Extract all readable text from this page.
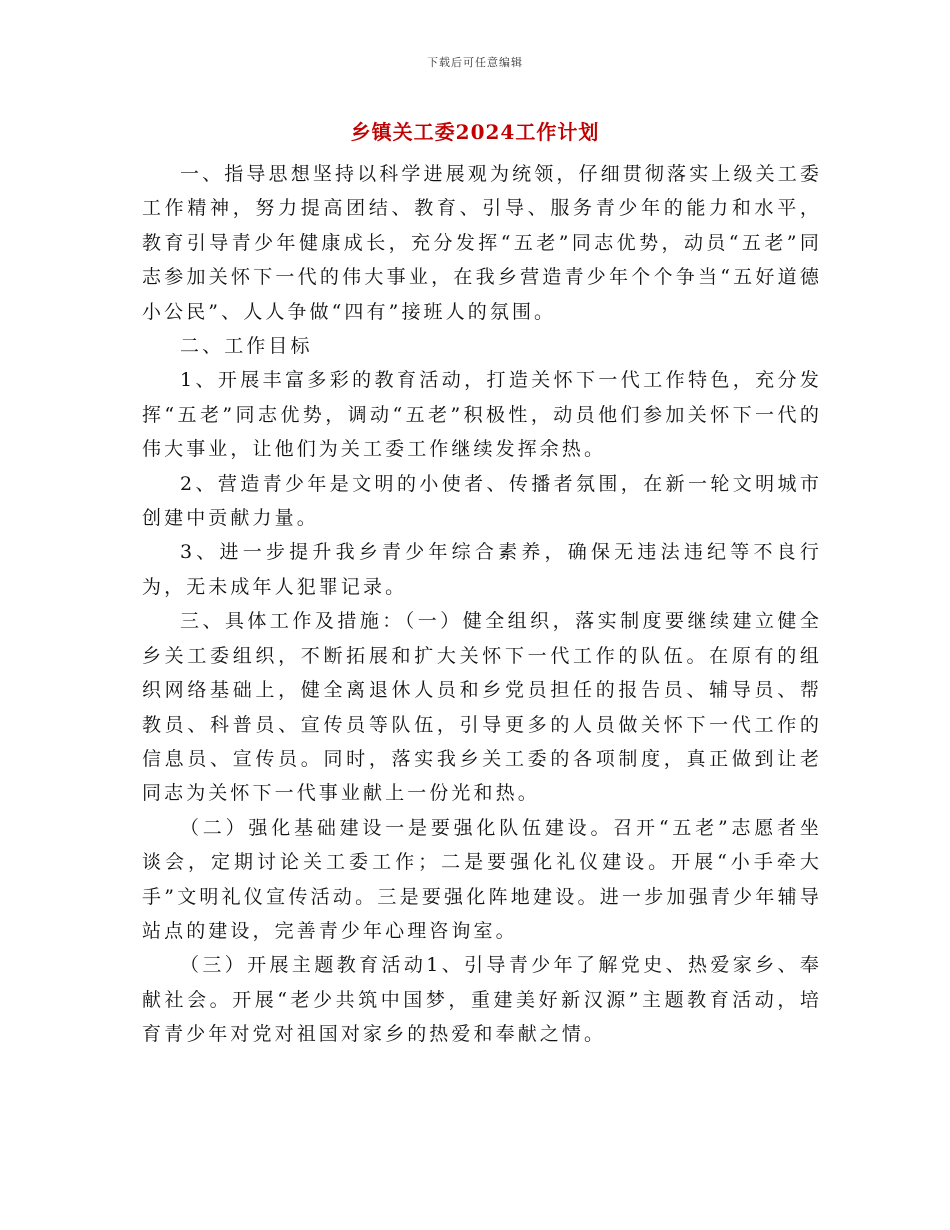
下载后可任意编辑
乡镇关工委2024工作计划

一、指导思想坚持以科学进展观为统领，仔细贯彻落实上级关工委工作精神，努力提高团结、教育、引导、服务青少年的能力和水平，教育引导青少年健康成长，充分发挥“五老”同志优势，动员“五老”同志参加关怀下一代的伟大事业，在我乡营造青少年个个争当“五好道德小公民”、人人争做“四有”接班人的氛围。

二、工作目标

1、开展丰富多彩的教育活动，打造关怀下一代工作特色，充分发挥“五老”同志优势，调动“五老”积极性，动员他们参加关怀下一代的伟大事业，让他们为关工委工作继续发挥余热。

2、营造青少年是文明的小使者、传播者氛围，在新一轮文明城市创建中贡献力量。

3、进一步提升我乡青少年综合素养，确保无违法违纪等不良行为，无未成年人犯罪记录。

三、具体工作及措施：（一）健全组织，落实制度要继续建立健全乡关工委组织，不断拓展和扩大关怀下一代工作的队伍。在原有的组织网络基础上，健全离退休人员和乡党员担任的报告员、辅导员、帮教员、科普员、宣传员等队伍，引导更多的人员做关怀下一代工作的信息员、宣传员。同时，落实我乡关工委的各项制度，真正做到让老同志为关怀下一代事业献上一份光和热。

（二）强化基础建设一是要强化队伍建设。召开“五老”志愿者坐谈会，定期讨论关工委工作；二是要强化礼仪建设。开展“小手牵大手”文明礼仪宣传活动。三是要强化阵地建设。进一步加强青少年辅导站点的建设，完善青少年心理咨询室。

（三）开展主题教育活动1、引导青少年了解党史、热爱家乡、奉献社会。开展“老少共筑中国梦，重建美好新汉源”主题教育活动，培育青少年对党对祖国对家乡的热爱和奉献之情。
